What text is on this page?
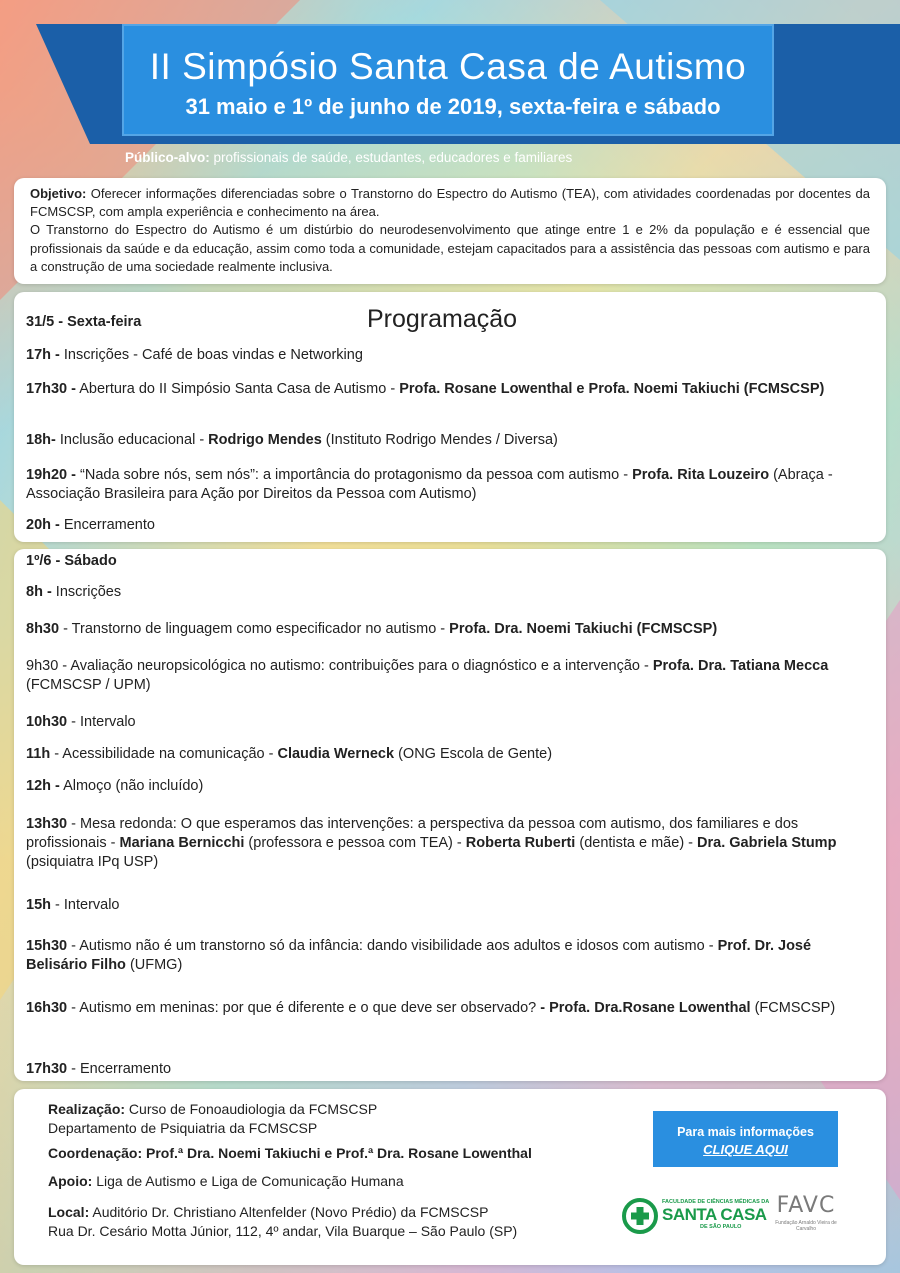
II Simpósio Santa Casa de Autismo
31 maio e 1º de junho de 2019, sexta-feira e sábado
Público-alvo: profissionais de saúde, estudantes, educadores e familiares

Objetivo: Oferecer informações diferenciadas sobre o Transtorno do Espectro do Autismo (TEA), com atividades coordenadas por docentes da FCMSCSP, com ampla experiência e conhecimento na área.
O Transtorno do Espectro do Autismo é um distúrbio do neurodesenvolvimento que atinge entre 1 e 2% da população e é essencial que profissionais da saúde e da educação, assim como toda a comunidade, estejam capacitados para a assistência das pessoas com autismo e para a construção de uma sociedade realmente inclusiva.

Programação
31/5 - Sexta-feira
17h - Inscrições - Café de boas vindas e Networking
17h30 - Abertura do II Simpósio Santa Casa de Autismo - Profa. Rosane Lowenthal e Profa. Noemi Takiuchi (FCMSCSP)
18h- Inclusão educacional - Rodrigo Mendes (Instituto Rodrigo Mendes / Diversa)
19h20 - “Nada sobre nós, sem nós”: a importância do protagonismo da pessoa com autismo - Profa. Rita Louzeiro (Abraça - Associação Brasileira para Ação por Direitos da Pessoa com Autismo)
20h - Encerramento
1º/6 - Sábado
8h - Inscrições
8h30 - Transtorno de linguagem como especificador no autismo - Profa. Dra. Noemi Takiuchi (FCMSCSP)
9h30 - Avaliação neuropsicológica no autismo: contribuições para o diagnóstico e a intervenção - Profa. Dra. Tatiana Mecca (FCMSCSP / UPM)
10h30 - Intervalo
11h - Acessibilidade na comunicação - Claudia Werneck (ONG Escola de Gente)
12h - Almoço (não incluído)
13h30 - Mesa redonda: O que esperamos das intervenções: a perspectiva da pessoa com autismo, dos familiares e dos profissionais - Mariana Bernicchi (professora e pessoa com TEA) - Roberta Ruberti (dentista e mãe) - Dra. Gabriela Stump (psiquiatra IPq USP)
15h - Intervalo
15h30 - Autismo não é um transtorno só da infância: dando visibilidade aos adultos e idosos com autismo - Prof. Dr. José Belisário Filho (UFMG)
16h30 - Autismo em meninas: por que é diferente e o que deve ser observado? - Profa. Dra.Rosane Lowenthal (FCMSCSP)
17h30 - Encerramento
Realização: Curso de Fonoaudiologia da FCMSCSP
Departamento de Psiquiatria da FCMSCSP
Coordenação: Prof.ª Dra. Noemi Takiuchi e Prof.ª Dra. Rosane Lowenthal
Apoio: Liga de Autismo e Liga de Comunicação Humana
Local: Auditório Dr. Christiano Altenfelder (Novo Prédio) da FCMSCSP
Rua Dr. Cesário Motta Júnior, 112, 4º andar, Vila Buarque – São Paulo (SP)
Para mais informações
CLIQUE AQUI
FACULDADE DE CIÊNCIAS MÉDICAS DA
SANTA CASA
DE SÃO PAULO
FAVC
Fundação Arnaldo Vieira de Carvalho
